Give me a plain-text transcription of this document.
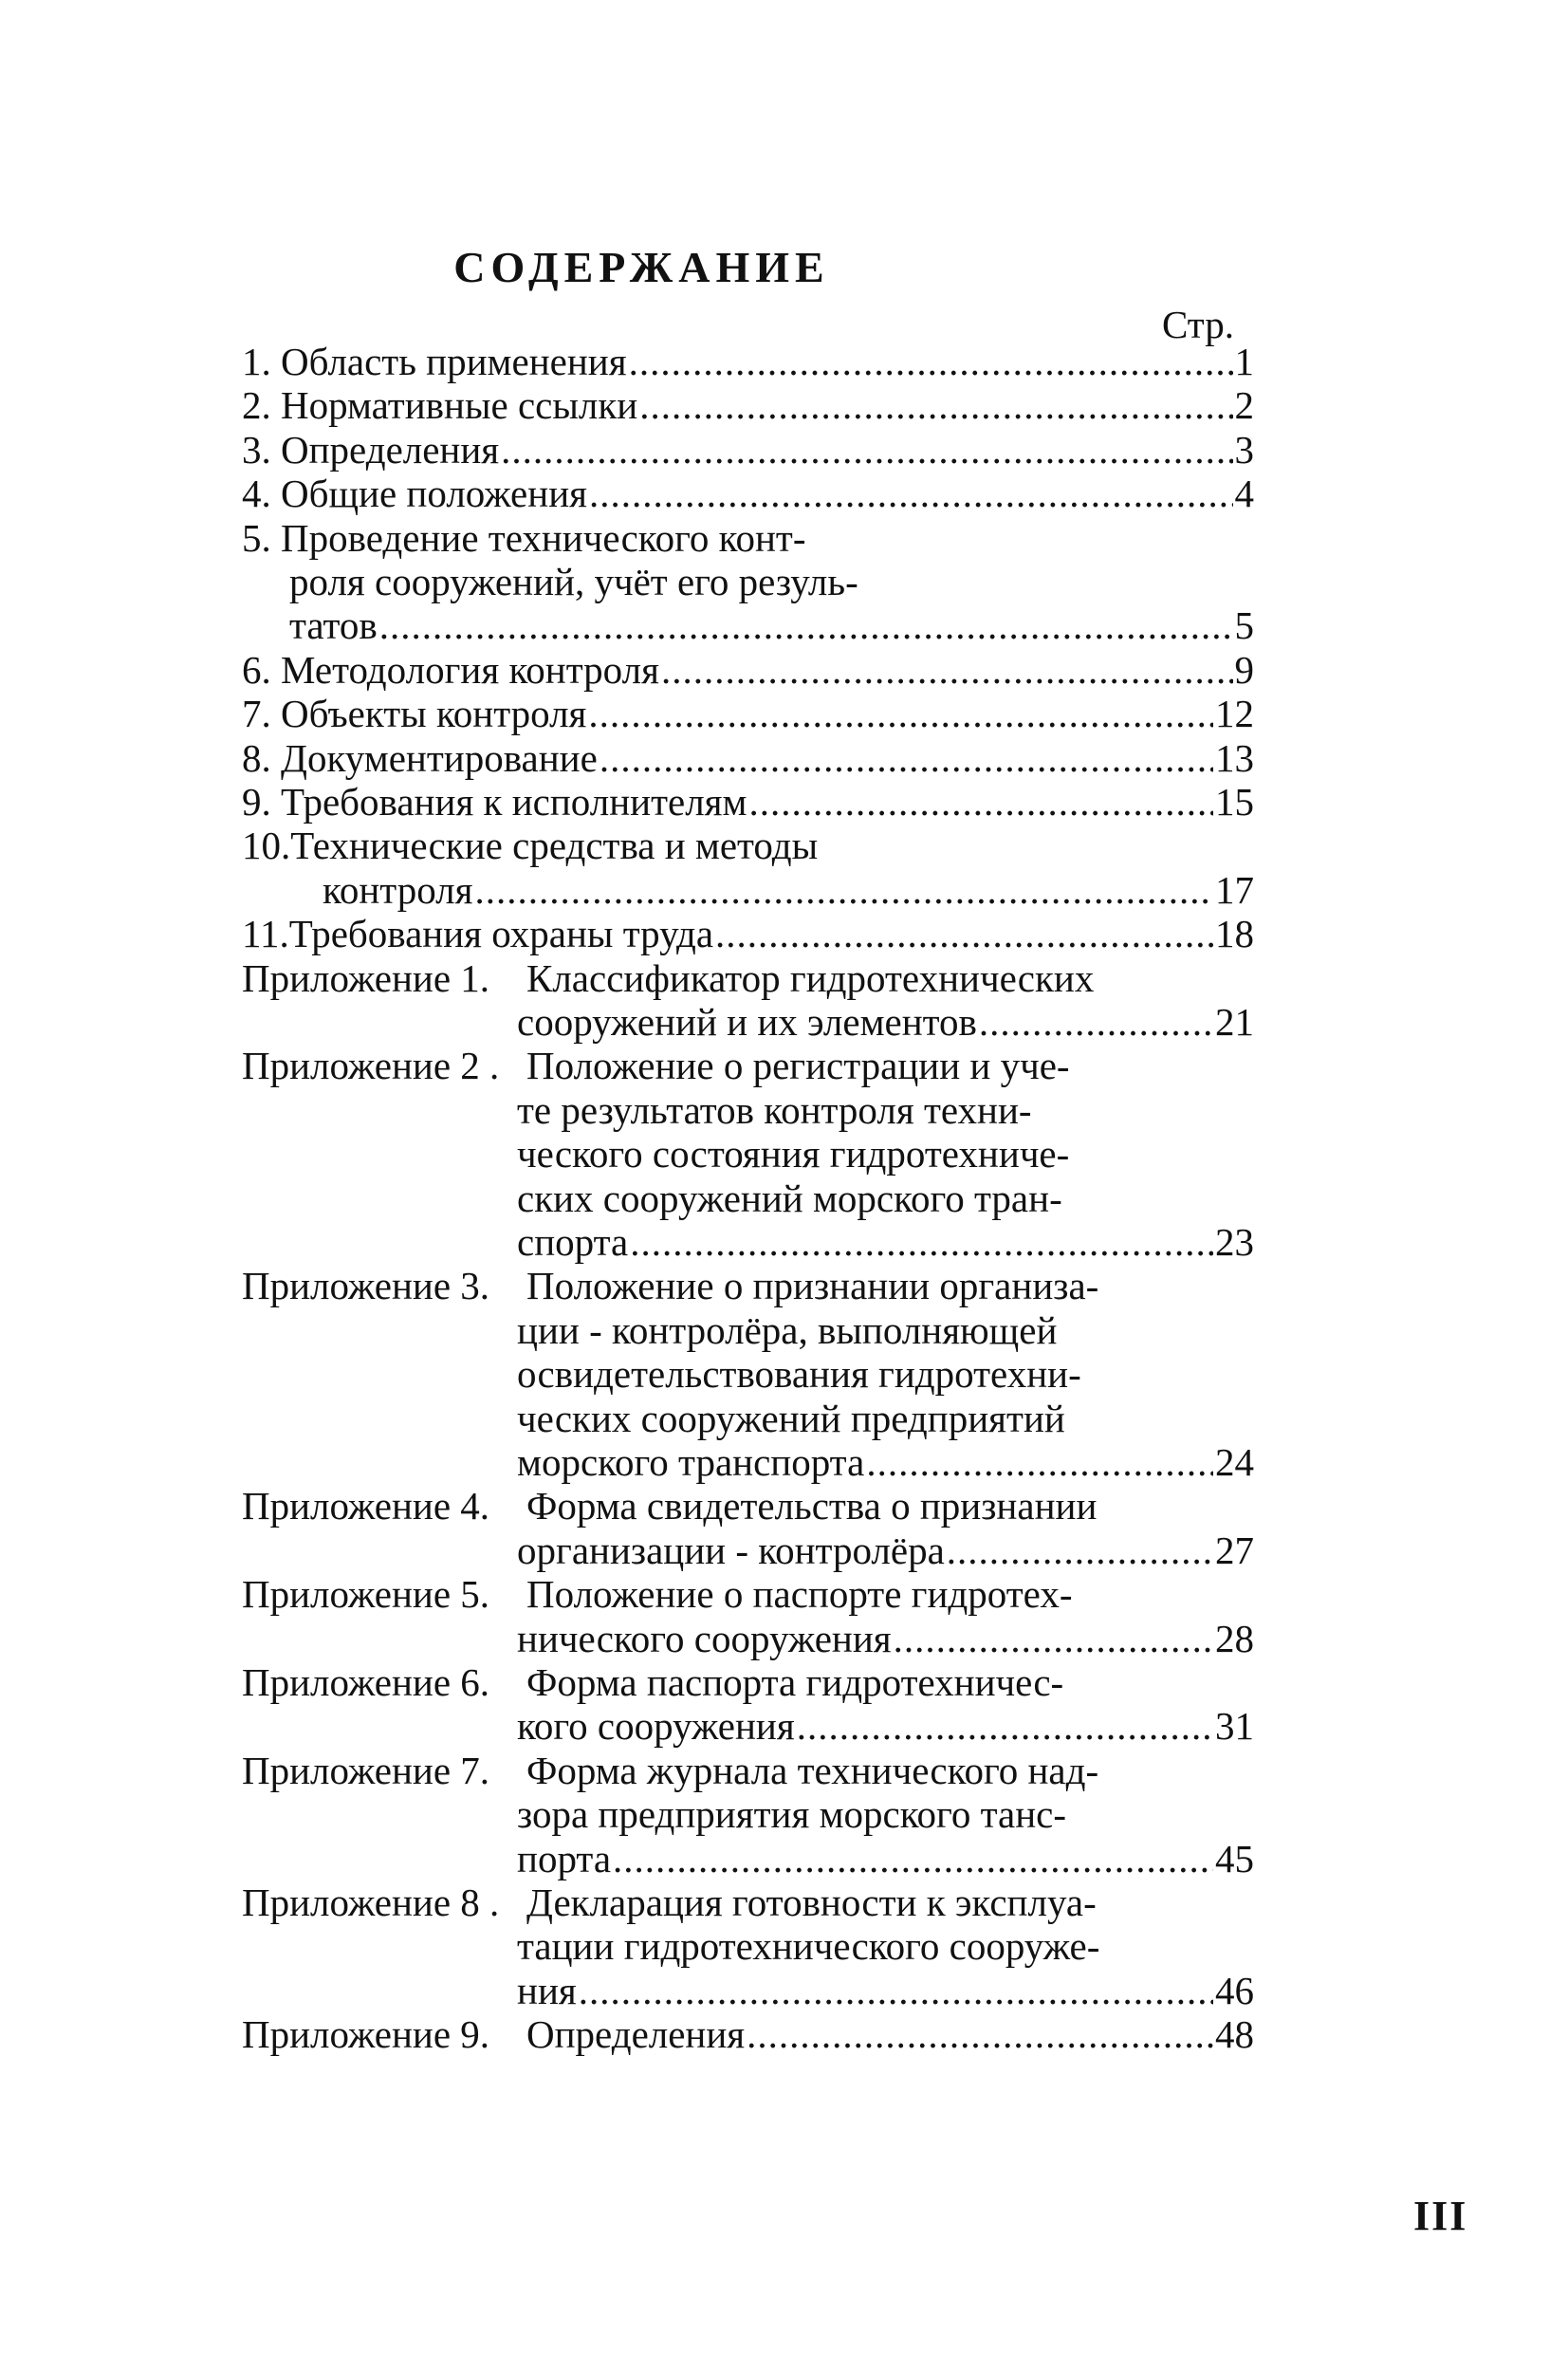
СОДЕРЖАНИЕ
Стр.
1. Область применения .....	1
2. Нормативные ссылки .....	2
3. Определения .....	3
4. Общие положения .....	4
5. Проведение технического конт-
роля сооружений, учёт его резуль-
татов .....	5
6. Методология контроля .....	9
7. Объекты контроля .....	12
8. Документирование .....	13
9. Требования к исполнителям .....	15
10.Технические средства и методы
контроля .....	17
11.Требования охраны труда .....	18
Приложение 1. Классификатор гидротехнических
сооружений и их элементов .....	21
Приложение 2 . Положение о регистрации и уче-
те результатов контроля техни-
ческого состояния гидротехниче-
ских сооружений морского тран-
спорта .....	23
Приложение 3. Положение о признании организа-
ции - контролёра, выполняющей
освидетельствования гидротехни-
ческих сооружений предприятий
морского транспорта .....	24
Приложение 4. Форма свидетельства о признании
организации - контролёра .....	27
Приложение 5. Положение о паспорте гидротех-
нического сооружения .....	28
Приложение 6. Форма паспорта гидротехничес-
кого сооружения .....	31
Приложение 7. Форма журнала технического над-
зора предприятия морского танс-
порта .....	45
Приложение 8 . Декларация готовности к эксплуа-
тации гидротехнического сооруже-
ния .....	46
Приложение 9. Определения .....	48
III
